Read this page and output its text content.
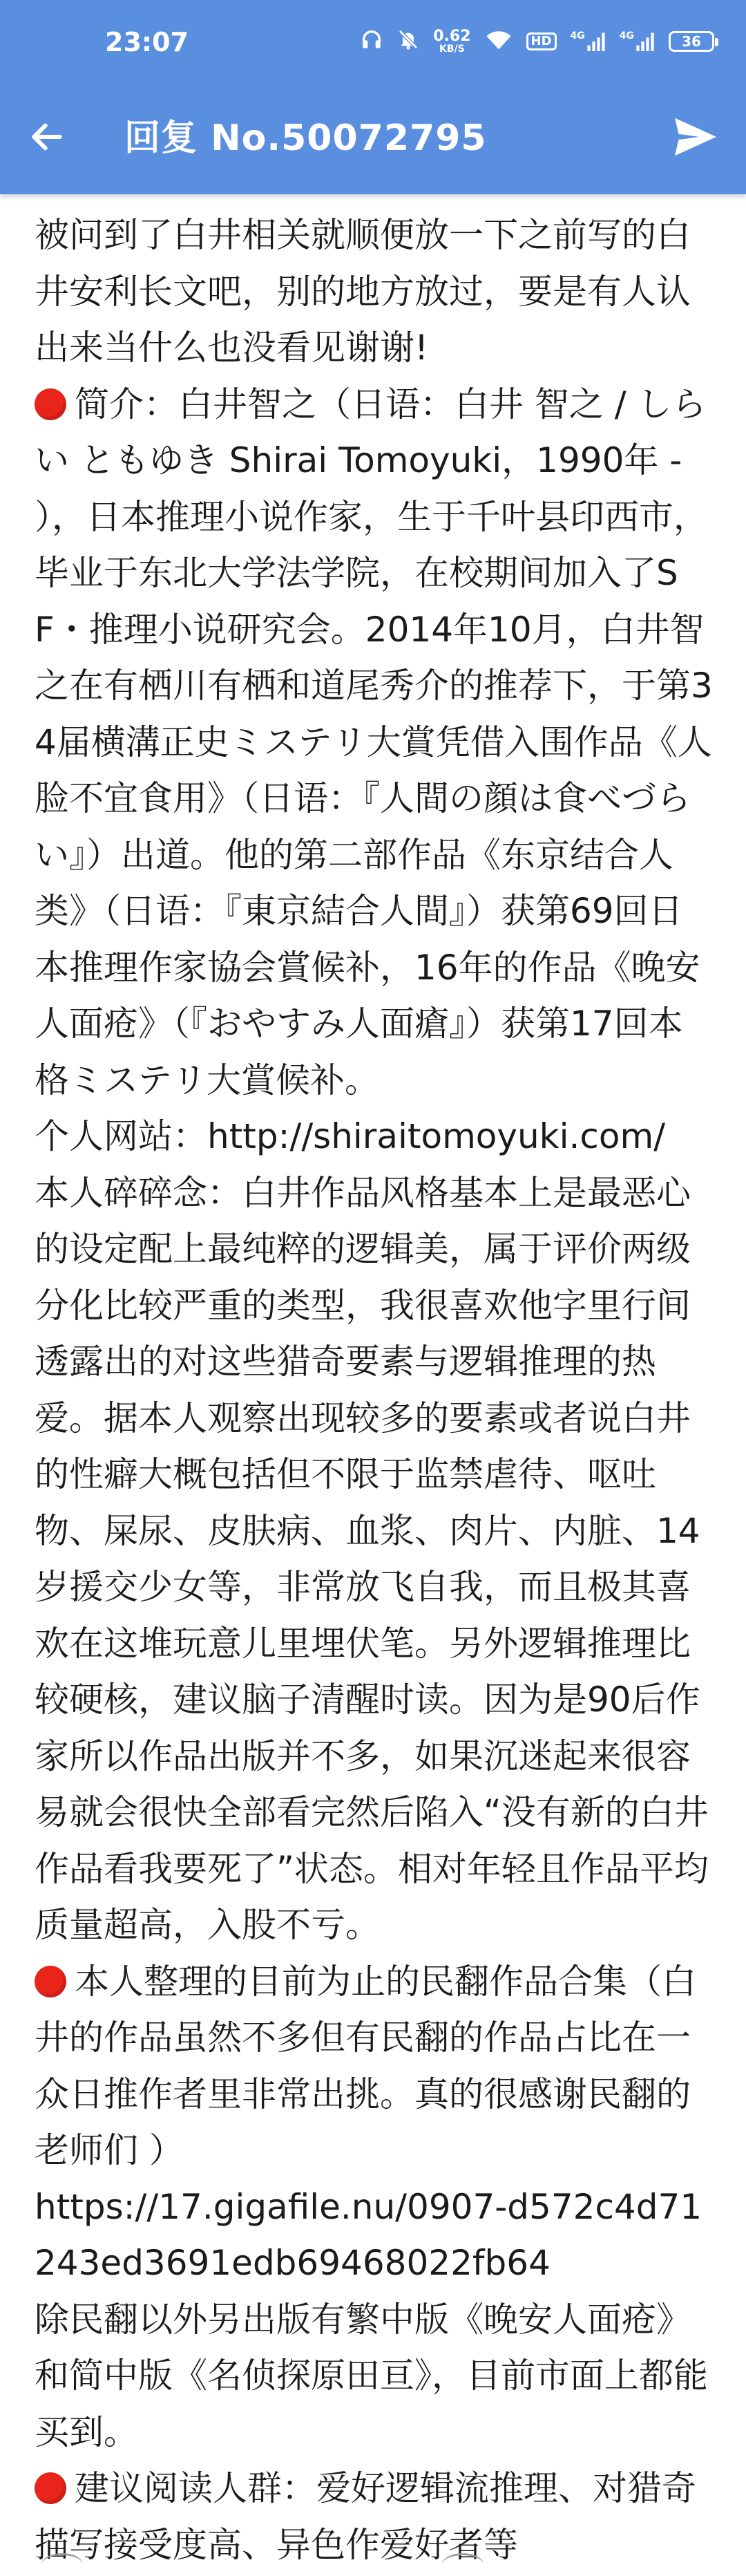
23:07	0.62
KB/S
HD	4G	4G	36
回复 No.50072795
被问到了白井相关就顺便放一下之前写的白井安利长文吧，别的地方放过，要是有人认出来当什么也没看见谢谢!
简介：白井智之（日语：白井 智之 / しらい ともゆき Shirai Tomoyuki，1990年 - ），日本推理小说作家，生于千叶县印西市，毕业于东北大学法学院，在校期间加入了SF・推理小说研究会。2014年10月，白井智之在有栖川有栖和道尾秀介的推荐下，于第34届横溝正史ミステリ大賞凭借入围作品《人脸不宜食用》（日语：『人間の顔は食べづらい』）出道。他的第二部作品《东京结合人类》（日语：『東京結合人間』）获第69回日本推理作家協会賞候补，16年的作品《晚安人面疮》（『おやすみ人面瘡』）获第17回本格ミステリ大賞候补。
个人网站：http://shiraitomoyuki.com/
本人碎碎念：白井作品风格基本上是最恶心的设定配上最纯粹的逻辑美，属于评价两级分化比较严重的类型，我很喜欢他字里行间透露出的对这些猎奇要素与逻辑推理的热爱。据本人观察出现较多的要素或者说白井的性癖大概包括但不限于监禁虐待、呕吐物、屎尿、皮肤病、血浆、肉片、内脏、14岁援交少女等，非常放飞自我，而且极其喜欢在这堆玩意儿里埋伏笔。另外逻辑推理比较硬核，建议脑子清醒时读。因为是90后作家所以作品出版并不多，如果沉迷起来很容易就会很快全部看完然后陷入“没有新的白井作品看我要死了”状态。相对年轻且作品平均质量超高，入股不亏。
本人整理的目前为止的民翻作品合集（白井的作品虽然不多但有民翻的作品占比在一众日推作者里非常出挑。真的很感谢民翻的老师们 ）
https://17.gigafile.nu/0907-d572c4d71243ed3691edb69468022fb64
除民翻以外另出版有繁中版《晚安人面疮》和简中版《名侦探原田亘》，目前市面上都能买到。
建议阅读人群：爱好逻辑流推理、对猎奇描写接受度高、异色作爱好者等
